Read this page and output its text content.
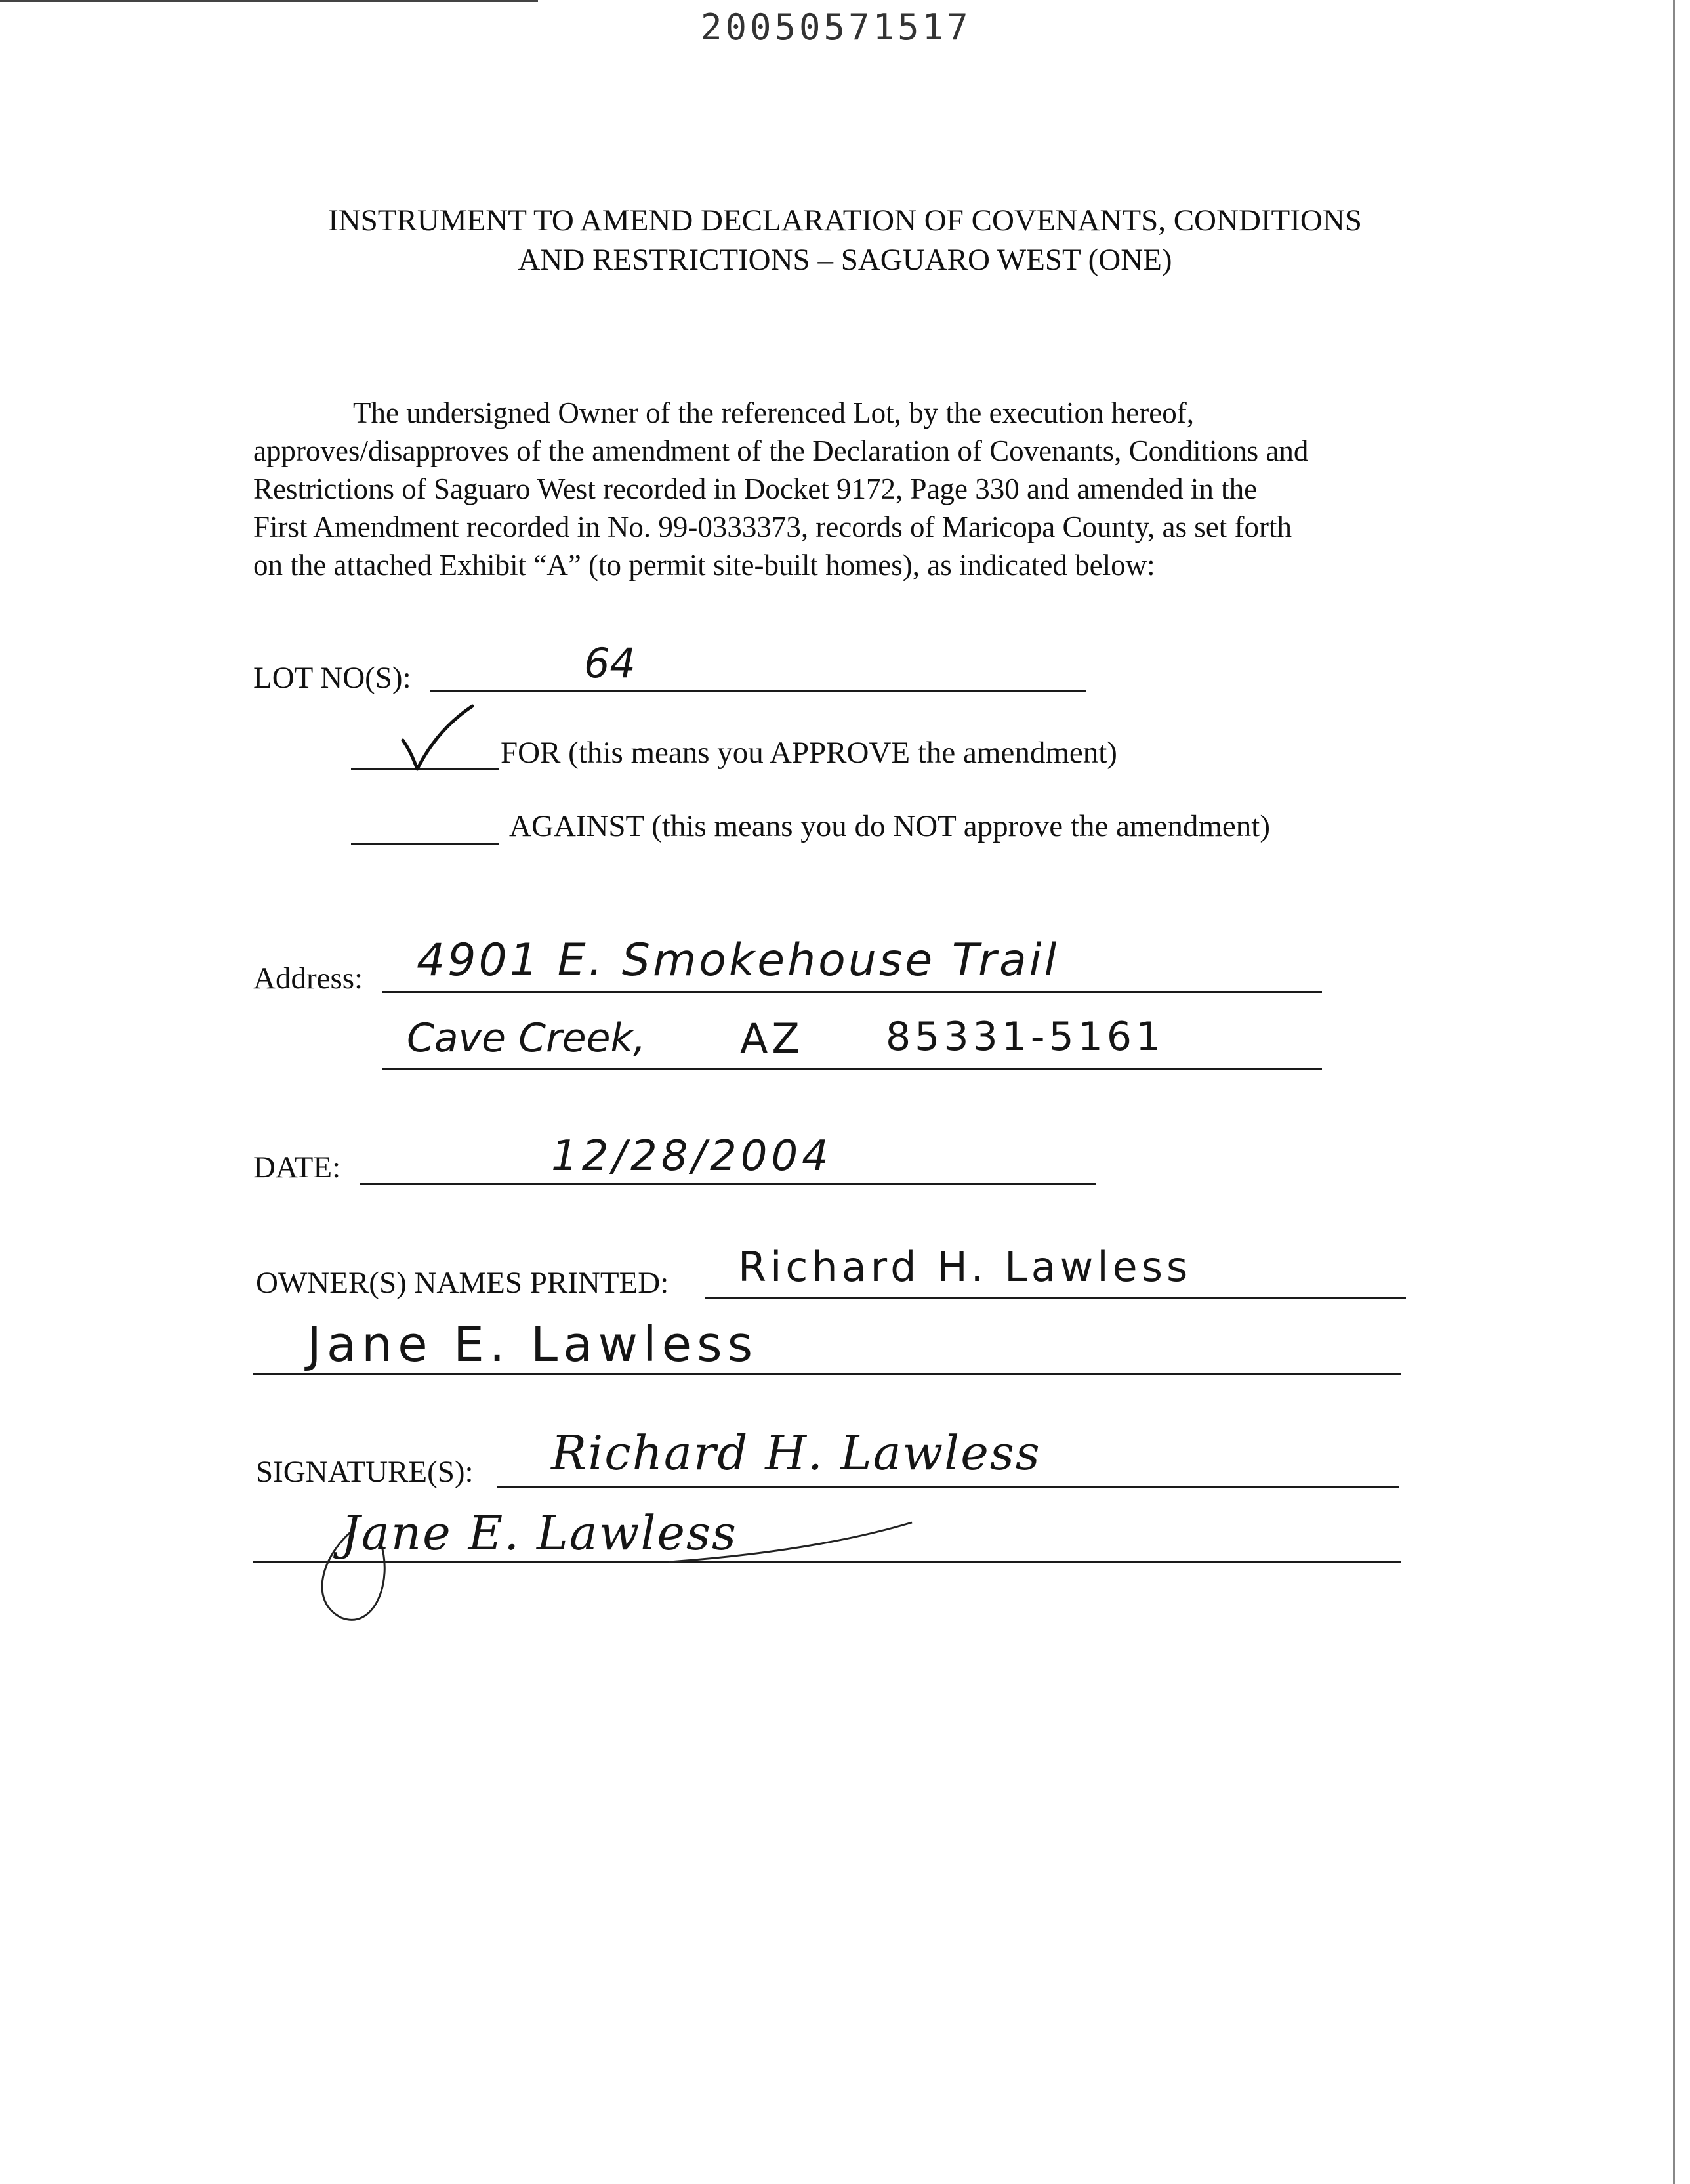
20050571517
INSTRUMENT TO AMEND DECLARATION OF COVENANTS, CONDITIONS
AND RESTRICTIONS – SAGUARO WEST (ONE)
The undersigned Owner of the referenced Lot, by the execution hereof,
approves/disapproves of the amendment of the Declaration of Covenants, Conditions and
Restrictions of Saguaro West recorded in Docket 9172, Page 330 and amended in the
First Amendment recorded in No. 99-0333373, records of Maricopa County, as set forth
on the attached Exhibit “A” (to permit site-built homes), as indicated below:
LOT NO(S):	64
FOR (this means you APPROVE the amendment)
AGAINST (this means you do NOT approve the amendment)
Address: 4901 E. Smokehouse Trail
Cave Creek, AZ 85331-5161
DATE:	12/28/2004
OWNER(S) NAMES PRINTED: Richard H. Lawless
Jane E. Lawless
SIGNATURE(S): Richard H. Lawless
Jane E. Lawless
